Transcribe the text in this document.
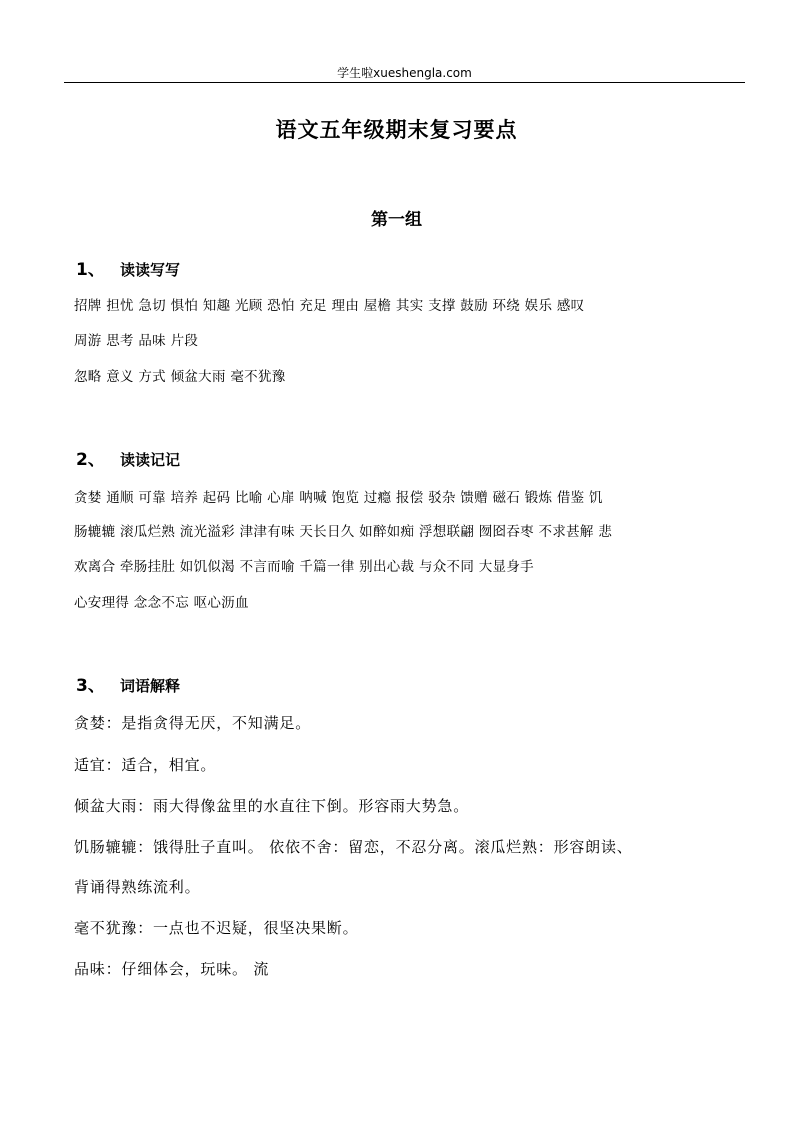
学生啦xueshengla.com
语文五年级期末复习要点
第一组
1、 读读写写
招牌 担忧 急切 惧怕 知趣 光顾 恐怕 充足 理由 屋檐 其实 支撑 鼓励 环绕 娱乐 感叹
周游 思考 品味 片段
忽略 意义 方式 倾盆大雨 毫不犹豫
2、 读读记记
贪婪 通顺 可靠 培养 起码 比喻 心扉 呐喊 饱览 过瘾 报偿 驳杂 馈赠 磁石 锻炼 借鉴 饥
肠辘辘 滚瓜烂熟 流光溢彩 津津有味 天长日久 如醉如痴 浮想联翩 囫囵吞枣 不求甚解 悲
欢离合 牵肠挂肚 如饥似渴 不言而喻 千篇一律 别出心裁 与众不同 大显身手
心安理得 念念不忘 呕心沥血
3、 词语解释
贪婪：是指贪得无厌，不知满足。
适宜：适合，相宜。
倾盆大雨：雨大得像盆里的水直往下倒。形容雨大势急。
饥肠辘辘：饿得肚子直叫。 依依不舍：留恋，不忍分离。滚瓜烂熟：形容朗读、
背诵得熟练流利。
毫不犹豫：一点也不迟疑，很坚决果断。
品味：仔细体会，玩味。 流
